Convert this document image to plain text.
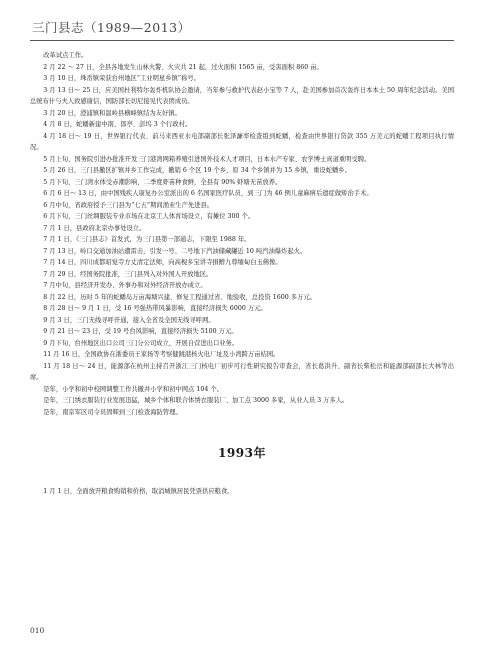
三门县志（1989—2013）

改革试点工作。

2 月 22 ～ 27 日，全县各地发生山林火警、火灾共 21 起，过火面积 1565 亩，受害面积 860 亩。

3 月 10 日，珠岙镇荣获台州地区“工业明星乡镇”称号。

3 月 13 日～ 25 日，应美国杜利特尔轰炸机队协会邀请，当年参与救护代表赵小宝等 7 人，赴美国参加首次轰炸日本本土 50 周年纪念活动。美国总统布什与夫人致感谢信，国防部长切尼接见代表团成员。

3 月 20 日，澄浦镇和温岭县横峰镇结为友好镇。

4 月 8 日，蛇蟠新建中南、郎亭、彭坞 3 个行政村。

4 月 18 日～ 19 日，世界银行代表、前马来西亚水电部副部长张泽濂率检查组到蛇蟠，检查由世界银行贷款 355 万美元的蛇蟠工程项目执行情况。

5 月上旬，国务院引进办批准开发三门港湾网箱养殖引进国外技术人才项目，日本水产专家、农学博士真道重明受聘。

5 月 26 日，三门县撤区扩镇并乡工作完成，撤销 6 个区 19 个乡，原 34 个乡镇并为 15 乡镇，重设蛇蟠乡。

5 月下旬，三门湾水体受赤潮影响，二季度虾苗种食鲜，全县有 90% 虾塘无苗放养。

6 月 6 日～ 13 日，由中国残疾人康复办公室派出的 6 名国家医疗队员，到三门为 46 例儿童麻痹后遗症做矫治手术。

6 月中旬，省政府授予三门县为“七五”期间渔业生产先进县。

6 月下旬，三门丝绸服装专业市场在北京工人体育场设立，有摊位 300 个。

7 月 1 日，县政府北京办事处设立。

7 月 1 日，《三门县志》首发式，为三门县第一部通志，下限至 1988 年。

7 月 13 日，岭口交通加油站遭雷击，引发一号、二号地下汽油储藏罐近 10 吨汽油爆炸起火。

7 月 14 日，四川成都昭觉寺方丈清定法师，向高枧多宝讲寺捐赠九尊缅甸白玉佛像。

7 月 29 日，经国务院批准，三门县列入对外国人开放地区。

7 月中旬，县经济开发办、外事办和对外经济开放办成立。

8 月 22 日，历时 5 年的蛇蟠岛万亩海塘兴建、修复工程通过省、地验收，总投资 1600 多万元。

8 月 28 日～ 9 月 1 日，受 16 号强热带风暴影响，直接经济损失 6000 万元。

9 月 3 日，三门无线寻呼开通，接入全省及全国无线寻呼网。

9 月 21 日～ 23 日，受 19 号台风影响，直接经济损失 5100 万元。

9 月下旬，台州地区出口公司三门分公司成立，开展自营进出口业务。

11 月 16 日，全国政协在浙委员王家扬等考察健跳港核火电厂址及小湾跨万亩桔园。

11 月 18 日～ 24 日，能源部在杭州主持召开浙江三门核电厂初步可行性研究报告审查会，省长葛洪升、副省长柴松岳和能源部副部长大林等出席。

是年，小学和初中校网调整工作共撤并小学和初中网点 104 个。

是年，三门绣衣服装行业发展迅猛，城乡个体和联合体绣衣服装厂、加工点 3000 多家，从业人员 3 万多人。

是年，南京军区司令员固辉到三门检查海防管理。

1993年

1 月 1 日，全面放开粮食购销和价格，取消城镇居民凭票供应粮食。

010
